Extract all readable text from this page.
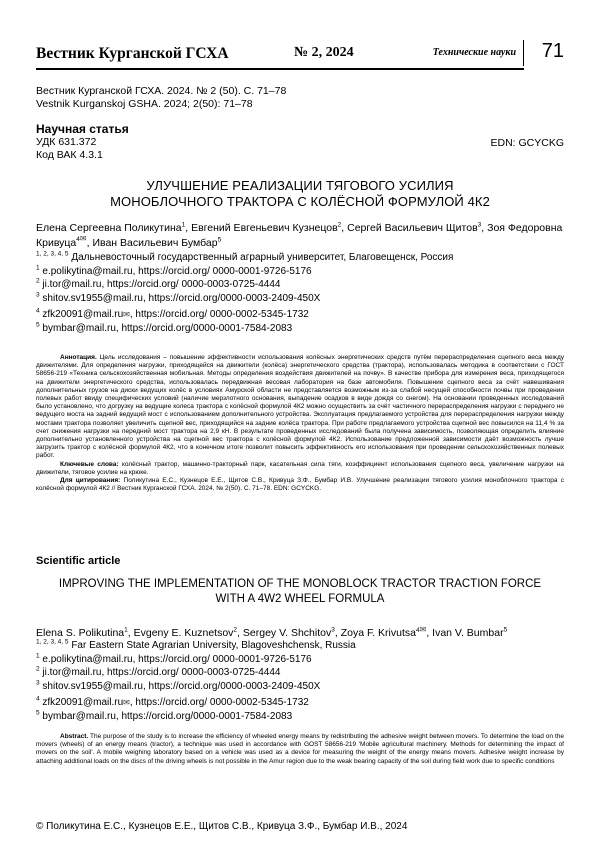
Вестник Курганской ГСХА	№ 2, 2024	Технические науки 71
Вестник Курганской ГСХА. 2024. № 2 (50). С. 71–78
Vestnik Kurganskoj GSHA. 2024; 2(50): 71–78
Научная статья
УДК 631.372
Код ВАК 4.3.1
EDN: GCYCKG
УЛУЧШЕНИЕ РЕАЛИЗАЦИИ ТЯГОВОГО УСИЛИЯ
МОНОБЛОЧНОГО ТРАКТОРА С КОЛЁСНОЙ ФОРМУЛОЙ 4К2
Елена Сергеевна Поликутина1, Евгений Евгеньевич Кузнецов2, Сергей Васильевич Щитов3, Зоя Федоровна Кривуца4✉, Иван Васильевич Бумбар5
1, 2, 3, 4, 5 Дальневосточный государственный аграрный университет, Благовещенск, Россия
1 e.polikytina@mail.ru, https://orcid.org/ 0000-0001-9726-5176
2 ji.tor@mail.ru, https://orcid.org/ 0000-0003-0725-4444
3 shitov.sv1955@mail.ru, https://orcid.org/0000-0003-2409-450X
4 zfk20091@mail.ru✉, https://orcid.org/ 0000-0002-5345-1732
5 bymbar@mail.ru, https://orcid.org/0000-0001-7584-2083

Аннотация. Цель исследования – повышение эффективности использования колёсных энергетических средств путём перераспределения сцепного веса между движителями. Для определения нагрузки, приходящейся на движители (колёса) энергетического средства (трактора), использовалась методика в соответствии с ГОСТ 58656-219 «Техника сельскохозяйственная мобильная. Методы определения воздействия движителей на почву». В качестве прибора для измерения веса, приходящегося на движители энергетического средства, использовалась передвижная весовая лаборатория на базе автомобиля. Повышение сцепного веса за счёт навешивания дополнительных грузов на диски ведущих колёс в условиях Амурской области не представляется возможным из-за слабой несущей способности почвы при проведении полевых работ ввиду специфических условий (наличие мерзлотного основания, выпадение осадков в виде дождя со снегом). На основании проведенных исследований было установлено, что догрузку на ведущие колеса трактора с колёсной формулой 4К2 можно осуществить за счёт частичного перераспределения нагрузки с переднего не ведущего моста на задний ведущий мост с использованием дополнительного устройства. Эксплуатация предлагаемого устройства для перераспределения нагрузки между мостами трактора позволяет увеличить сцепной вес, приходящийся на задние колёса трактора. При работе предлагаемого устройства сцепной вес повысился на 11,4 % за счет снижения нагрузки на передний мост трактора на 2,9 кН. В результате проведенных исследований была получена зависимость, позволяющая определить влияние дополнительно установленного устройства на сцепной вес трактора с колёсной формулой 4К2. Использование предложенной зависимости даёт возможность лучше загрузить трактор с колёсной формулой 4К2, что в конечном итоге позволит повысить эффективность его использования при проведении сельскохозяйственных полевых работ.

Ключевые слова: колёсный трактор, машинно-тракторный парк, касательная сила тяги, коэффициент использования сцепного веса, увеличение нагрузки на движители, тяговое усилие на крюке.

Для цитирования: Поликутина Е.С., Кузнецов Е.Е., Щитов С.В., Кривуца З.Ф., Бумбар И.В. Улучшение реализации тягового усилия моноблочного трактора с колёсной формулой 4К2 // Вестник Курганской ГСХА. 2024. № 2(50). С. 71–78. EDN: GCYCKG.

Scientific article
IMPROVING THE IMPLEMENTATION OF THE MONOBLOCK TRACTOR TRACTION FORCE
WITH A 4W2 WHEEL FORMULA
Elena S. Polikutina1, Evgeny E. Kuznetsov2, Sergey V. Shchitov3, Zoya F. Krivutsa4✉, Ivan V. Bumbar5
1, 2, 3, 4, 5 Far Eastern State Agrarian University, Blagoveshchensk, Russia
1 e.polikytina@mail.ru, https://orcid.org/ 0000-0001-9726-5176
2 ji.tor@mail.ru, https://orcid.org/ 0000-0003-0725-4444
3 shitov.sv1955@mail.ru, https://orcid.org/0000-0003-2409-450X
4 zfk20091@mail.ru✉, https://orcid.org/ 0000-0002-5345-1732
5 bymbar@mail.ru, https://orcid.org/0000-0001-7584-2083

Abstract. The purpose of the study is to increase the efficiency of wheeled energy means by redistributing the adhesive weight between movers. To determine the load on the movers (wheels) of an energy means (tractor), a technique was used in accordance with GOST 58656-219 'Mobile agricultural machinery. Methods for determining the impact of movers on the soil'. A mobile weighing laboratory based on a vehicle was used as a device for measuring the weight of the energy means movers. Adhesive weight increase by attaching additional loads on the discs of the driving wheels is not possible in the Amur region due to the weak bearing capacity of the soil during field work due to specific conditions

© Поликутина Е.С., Кузнецов Е.Е., Щитов С.В., Кривуца З.Ф., Бумбар И.В., 2024
